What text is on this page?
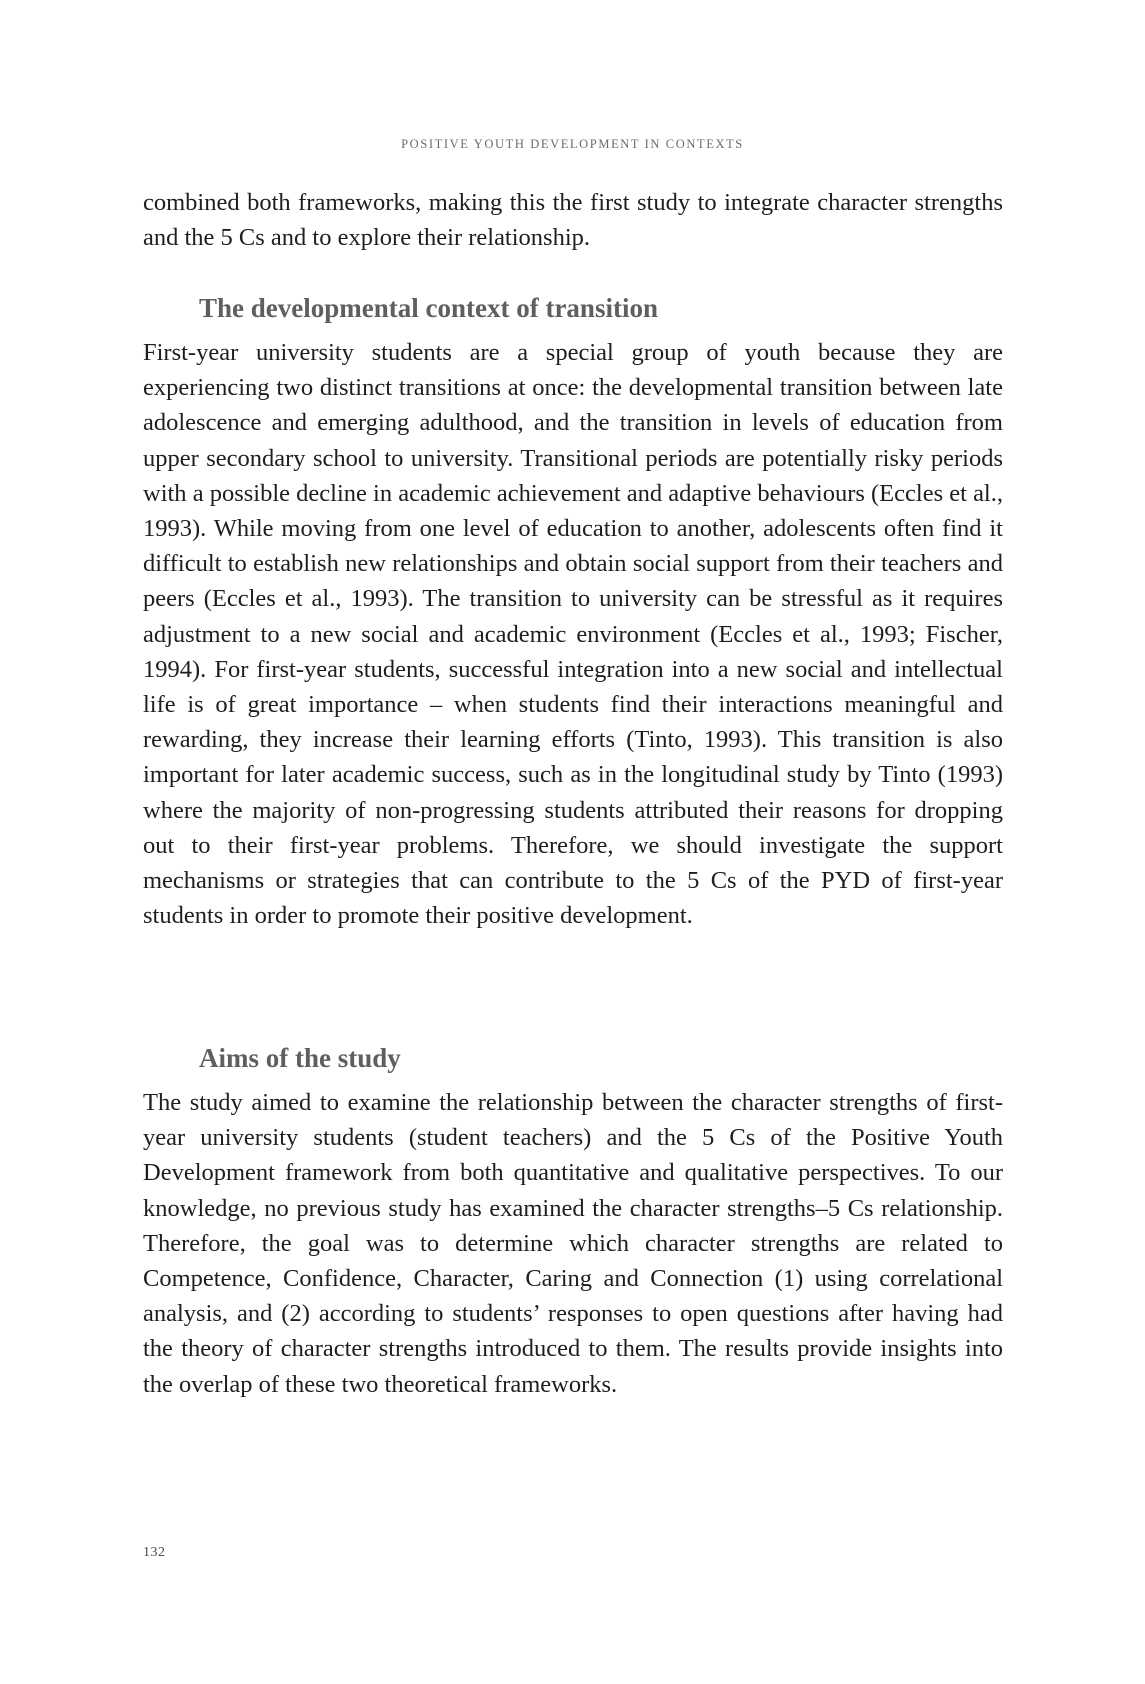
POSITIVE YOUTH DEVELOPMENT IN CONTEXTS

combined both frameworks, making this the first study to integrate character strengths and the 5 Cs and to explore their relationship.

The developmental context of transition

First-year university students are a special group of youth because they are experiencing two distinct transitions at once: the developmental transition between late adolescence and emerging adulthood, and the transition in levels of education from upper secondary school to university. Transitional periods are potentially risky periods with a possible decline in academic achievement and adaptive behaviours (Eccles et al., 1993). While moving from one level of education to another, adolescents often find it difficult to establish new relationships and obtain social support from their teachers and peers (Eccles et al., 1993). The transition to university can be stressful as it requires adjustment to a new social and academic environment (Eccles et al., 1993; Fischer, 1994). For first-year students, successful integration into a new social and intellectual life is of great importance – when students find their interactions meaningful and rewarding, they increase their learning efforts (Tinto, 1993). This transition is also important for later academic success, such as in the longitudinal study by Tinto (1993) where the majority of non-progressing students attributed their reasons for dropping out to their first-year problems. Therefore, we should investigate the support mechanisms or strategies that can contribute to the 5 Cs of the PYD of first-year students in order to promote their positive development.

Aims of the study

The study aimed to examine the relationship between the character strengths of first-year university students (student teachers) and the 5 Cs of the Positive Youth Development framework from both quantitative and qualitative perspectives. To our knowledge, no previous study has examined the character strengths–5 Cs relationship. Therefore, the goal was to determine which character strengths are related to Competence, Confidence, Character, Caring and Connection (1) using correlational analysis, and (2) according to students’ responses to open questions after having had the theory of character strengths introduced to them. The results provide insights into the overlap of these two theoretical frameworks.

132
